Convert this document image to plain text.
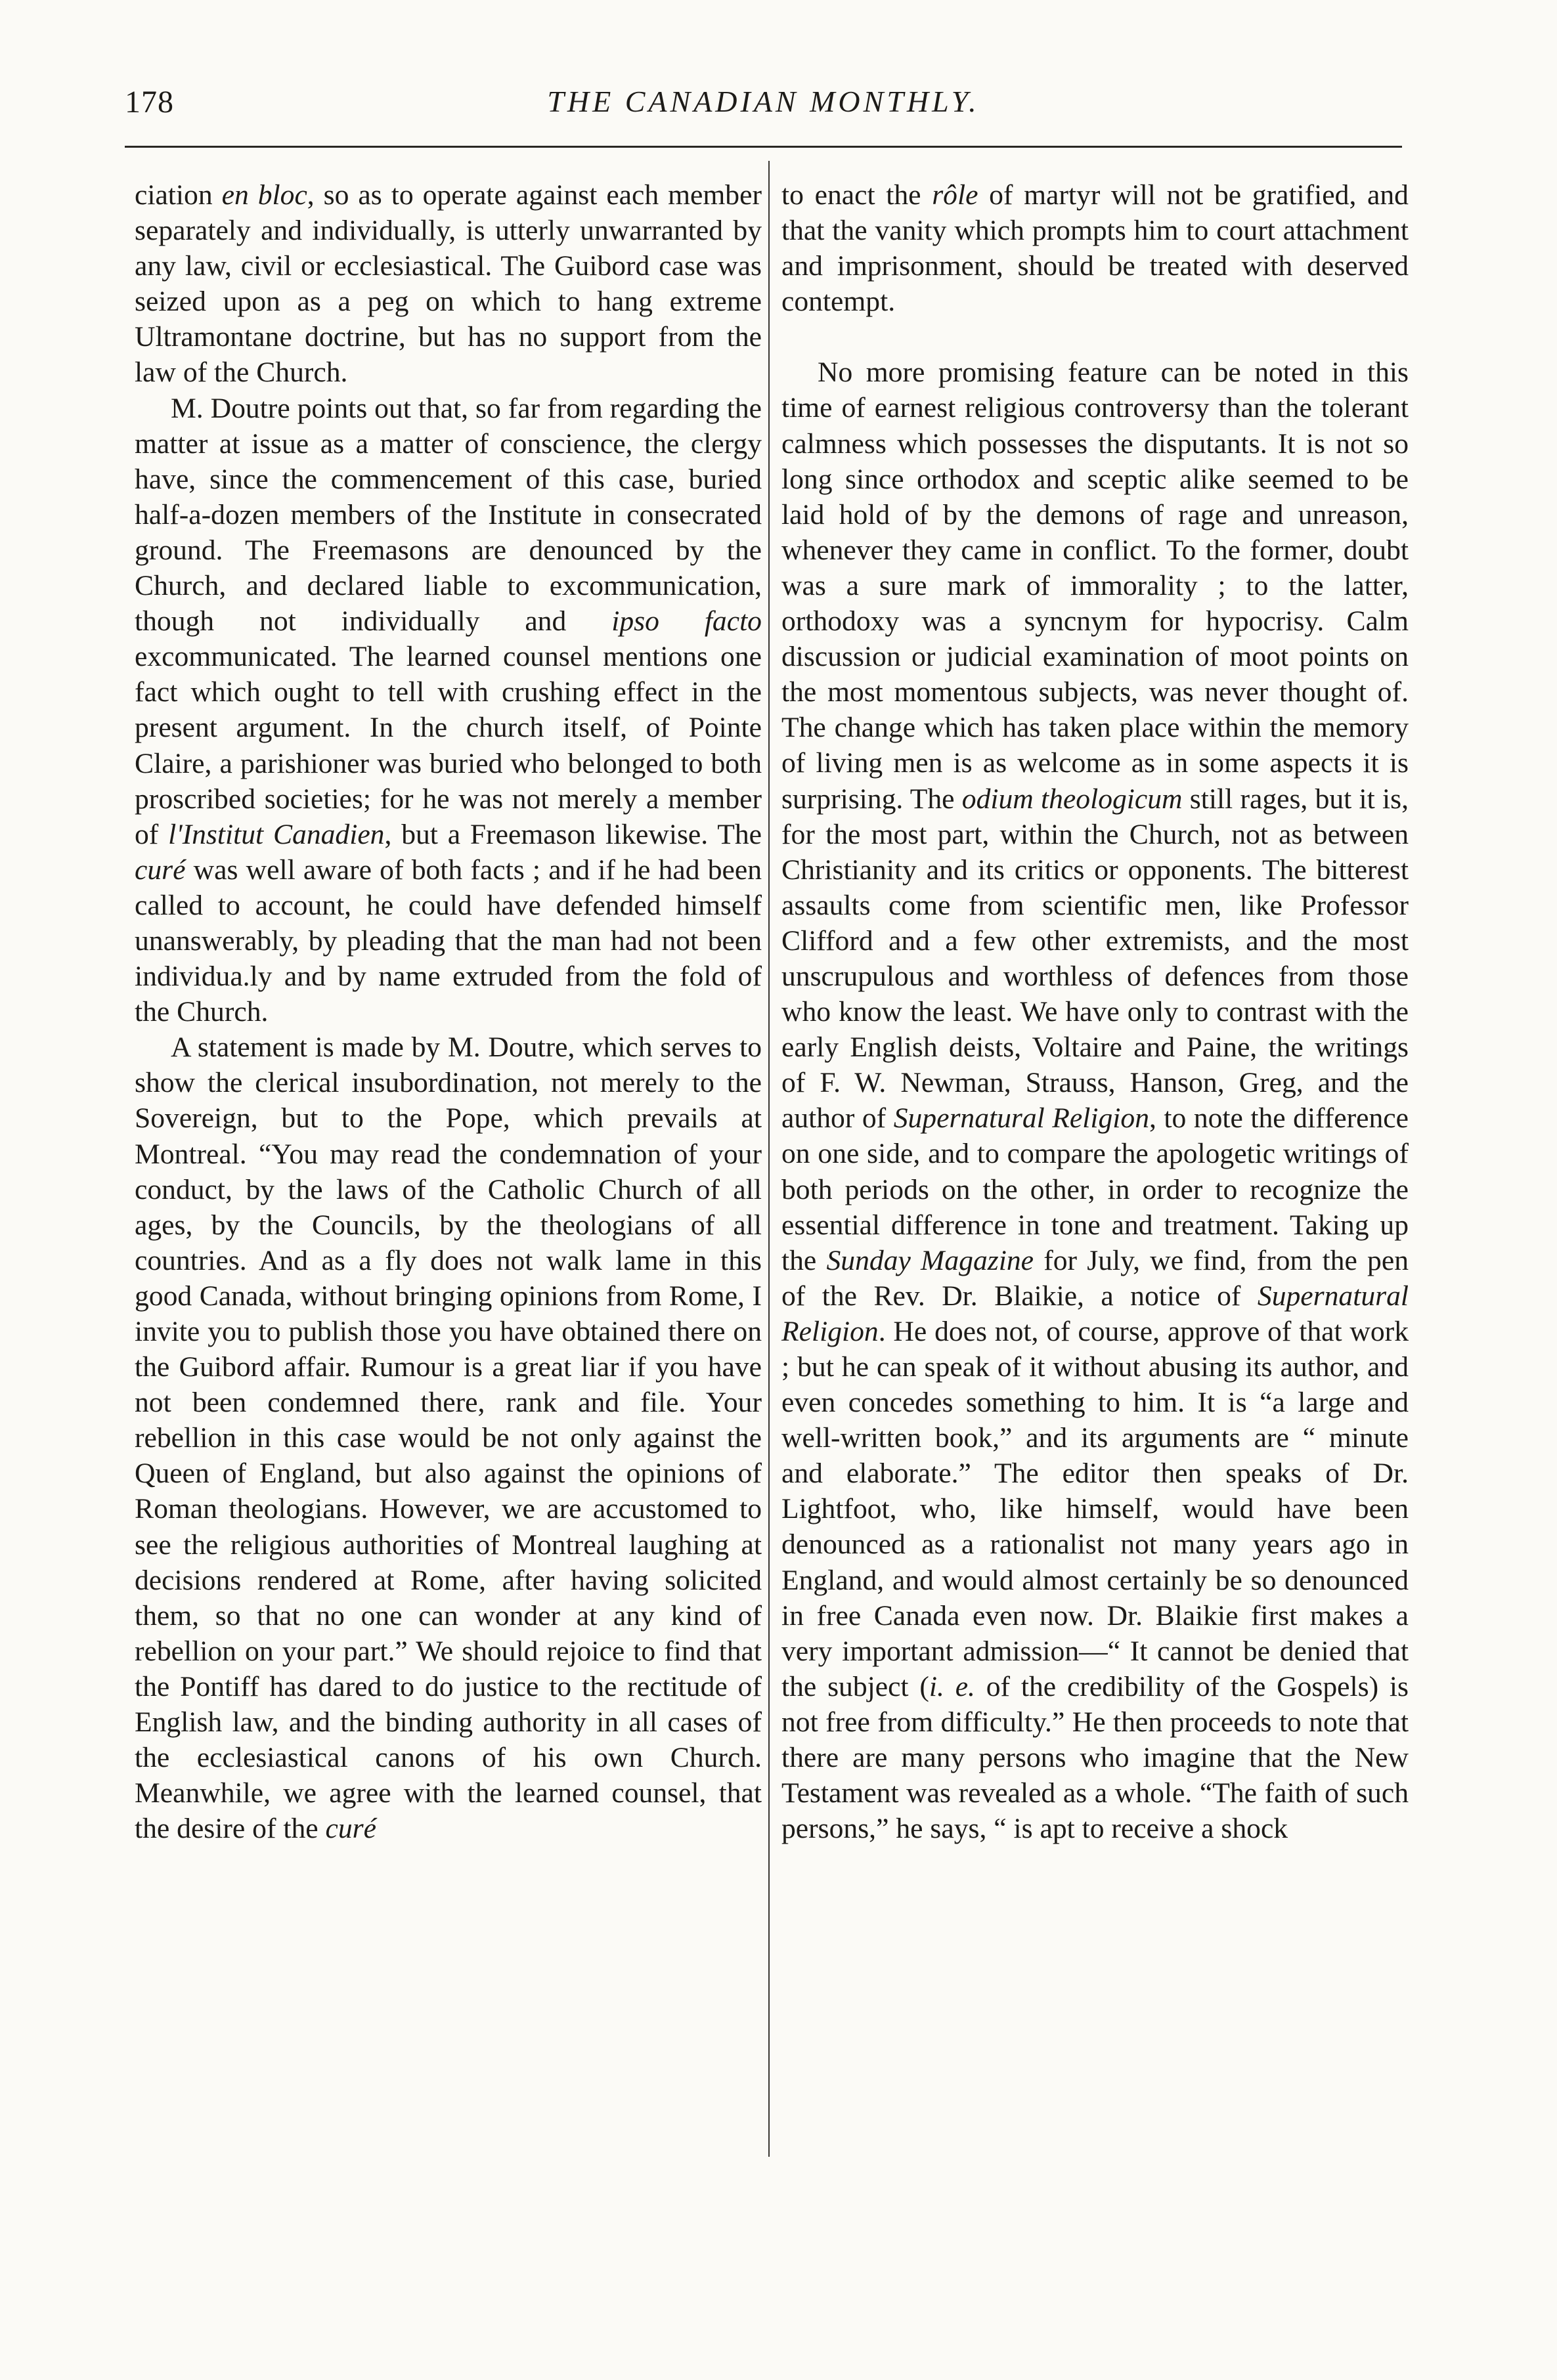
178	THE CANADIAN MONTHLY.

ciation en bloc, so as to operate against each member separately and individually, is utterly unwarranted by any law, civil or ecclesiastical. The Guibord case was seized upon as a peg on which to hang extreme Ultramontane doctrine, but has no support from the law of the Church.

M. Doutre points out that, so far from regarding the matter at issue as a matter of conscience, the clergy have, since the commencement of this case, buried half-a-dozen members of the Institute in consecrated ground. The Freemasons are denounced by the Church, and declared liable to excommunication, though not individually and ipso facto excommunicated. The learned counsel mentions one fact which ought to tell with crushing effect in the present argument. In the church itself, of Pointe Claire, a parishioner was buried who belonged to both proscribed societies; for he was not merely a member of l'Institut Canadien, but a Freemason likewise. The curé was well aware of both facts ; and if he had been called to account, he could have defended himself unanswerably, by pleading that the man had not been individua.ly and by name extruded from the fold of the Church.

A statement is made by M. Doutre, which serves to show the clerical insubordination, not merely to the Sovereign, but to the Pope, which prevails at Montreal. “You may read the condemnation of your conduct, by the laws of the Catholic Church of all ages, by the Councils, by the theologians of all countries. And as a fly does not walk lame in this good Canada, without bringing opinions from Rome, I invite you to publish those you have obtained there on the Guibord affair. Rumour is a great liar if you have not been condemned there, rank and file. Your rebellion in this case would be not only against the Queen of England, but also against the opinions of Roman theologians. However, we are accustomed to see the religious authorities of Montreal laughing at decisions rendered at Rome, after having solicited them, so that no one can wonder at any kind of rebellion on your part.” We should rejoice to find that the Pontiff has dared to do justice to the rectitude of English law, and the binding authority in all cases of the ecclesiastical canons of his own Church. Meanwhile, we agree with the learned counsel, that the desire of the curé

to enact the rôle of martyr will not be gratified, and that the vanity which prompts him to court attachment and imprisonment, should be treated with deserved contempt.

No more promising feature can be noted in this time of earnest religious controversy than the tolerant calmness which possesses the disputants. It is not so long since orthodox and sceptic alike seemed to be laid hold of by the demons of rage and unreason, whenever they came in conflict. To the former, doubt was a sure mark of immorality ; to the latter, orthodoxy was a syncnym for hypocrisy. Calm discussion or judicial examination of moot points on the most momentous subjects, was never thought of. The change which has taken place within the memory of living men is as welcome as in some aspects it is surprising. The odium theologicum still rages, but it is, for the most part, within the Church, not as between Christianity and its critics or opponents. The bitterest assaults come from scientific men, like Professor Clifford and a few other extremists, and the most unscrupulous and worthless of defences from those who know the least. We have only to contrast with the early English deists, Voltaire and Paine, the writings of F. W. Newman, Strauss, Hanson, Greg, and the author of Supernatural Religion, to note the difference on one side, and to compare the apologetic writings of both periods on the other, in order to recognize the essential difference in tone and treatment. Taking up the Sunday Magazine for July, we find, from the pen of the Rev. Dr. Blaikie, a notice of Supernatural Religion. He does not, of course, approve of that work ; but he can speak of it without abusing its author, and even concedes something to him. It is “a large and well-written book,” and its arguments are “ minute and elaborate.” The editor then speaks of Dr. Lightfoot, who, like himself, would have been denounced as a rationalist not many years ago in England, and would almost certainly be so denounced in free Canada even now. Dr. Blaikie first makes a very important admission—“ It cannot be denied that the subject (i. e. of the credibility of the Gospels) is not free from difficulty.” He then proceeds to note that there are many persons who imagine that the New Testament was revealed as a whole. “The faith of such persons,” he says, “ is apt to receive a shock
